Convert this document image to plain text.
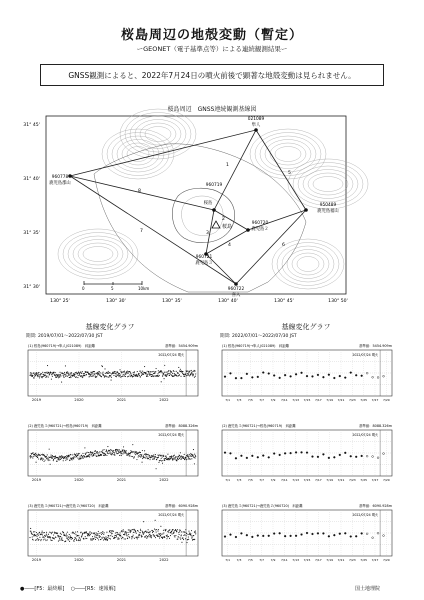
桜島周辺の地殻変動（暫定）
ーGEONET（電子基準点等）による連続観測結果ー
GNSS観測によると、2022年7月24日の噴火前後で顕著な地殻変動は見られません。
桜島周辺　GNSS連続観測基線図
0	5	10km
31° 45'
31° 40'
31° 35'
31° 30'
130° 25'	130° 30'	130° 35'	130° 40'	130° 45'	130° 50'
1
2
3
4
5
6
7
8
桜島
021089
隼人
960778
鹿児島郡山	960719
桜島	950489
鹿児島福山
960720
鹿児島２
960721
鹿児島３
960722
喜入
基線変化グラフ
期間: 2019/07/01〜2022/07/30 JST
基線変化グラフ
期間: 2022/07/01〜2022/07/30 JST
(1) 桜島(960719)→隼人(021089)　斜距離	基準値：5454.909m
2019	2020	2021	2022
2022/07/24 噴火
(2) 鹿児島３(960721)→桜島(960719)　斜距離	基準値：8088.326m
2019	2020	2021	2022
2022/07/24 噴火
(3) 鹿児島３(960721)→鹿児島２(960720)　斜距離	基準値：6090.928m
2019	2020	2021	2022
2022/07/24 噴火
(1) 桜島(960719)→隼人(021089)　斜距離	基準値：5454.909m
7/1 7/3 7/5 7/7 7/9 7/11 7/13 7/15 7/17 7/19 7/21 7/23 7/25 7/27 7/29
2022/07/24 噴火
(2) 鹿児島３(960721)→桜島(960719)　斜距離	基準値：8088.326m
7/1 7/3 7/5 7/7 7/9 7/11 7/13 7/15 7/17 7/19 7/21 7/23 7/25 7/27 7/29
2022/07/24 噴火
(3) 鹿児島３(960721)→鹿児島２(960720)　斜距離	基準値：6090.928m
7/1 7/3 7/5 7/7 7/9 7/11 7/13 7/15 7/17 7/19 7/21 7/23 7/25 7/27 7/29
2022/07/24 噴火
●――[F5：最終解] ○――[R5：速報解]	国土地理院
